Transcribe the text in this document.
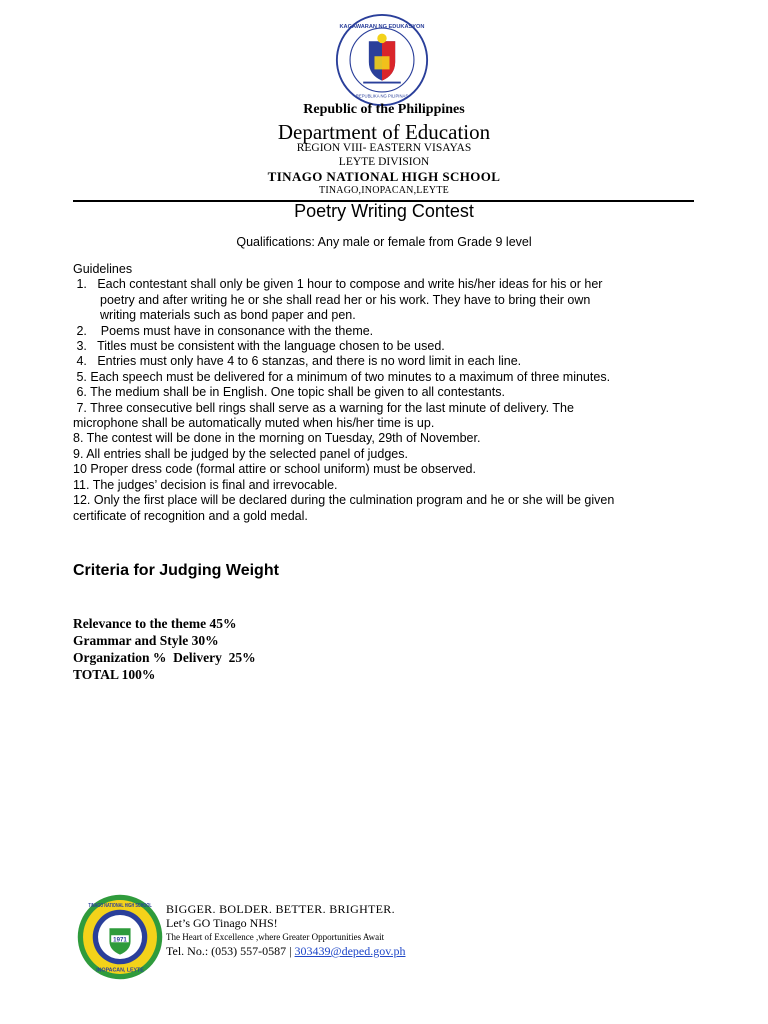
KAGAWARAN NG EDUKASYON
REPUBLIKA NG PILIPINAS
Republic of the Philippines
Department of Education
REGION VIII- EASTERN VISAYAS
LEYTE DIVISION
TINAGO NATIONAL HIGH SCHOOL
TINAGO,INOPACAN,LEYTE
Poetry Writing Contest
Qualifications: Any male or female from Grade 9 level

Guidelines

1.   Each contestant shall only be given 1 hour to compose and write his/her ideas for his or her

poetry and after writing he or she shall read her or his work. They have to bring their own

writing materials such as bond paper and pen.

2.    Poems must have in consonance with the theme.

3.   Titles must be consistent with the language chosen to be used.

4.   Entries must only have 4 to 6 stanzas, and there is no word limit in each line.

5. Each speech must be delivered for a minimum of two minutes to a maximum of three minutes.

6. The medium shall be in English. One topic shall be given to all contestants.

7. Three consecutive bell rings shall serve as a warning for the last minute of delivery. The

microphone shall be automatically muted when his/her time is up.

8. The contest will be done in the morning on Tuesday, 29th of November.

9. All entries shall be judged by the selected panel of judges.

10 Proper dress code (formal attire or school uniform) must be observed.

11. The judges’ decision is final and irrevocable.

12. Only the first place will be declared during the culmination program and he or she will be given

certificate of recognition and a gold medal.

Criteria for Judging Weight
Relevance to the theme 45%
Grammar and Style 30%
Organization %  Delivery  25%
TOTAL 100%
1971
TINAGO NATIONAL HIGH SCHOOL
INOPACAN, LEYTE
BIGGER. BOLDER. BETTER. BRIGHTER.
Let’s GO Tinago NHS!
The Heart of Excellence ,where Greater Opportunities Await
Tel. No.: (053) 557-0587 | 303439@deped.gov.ph
